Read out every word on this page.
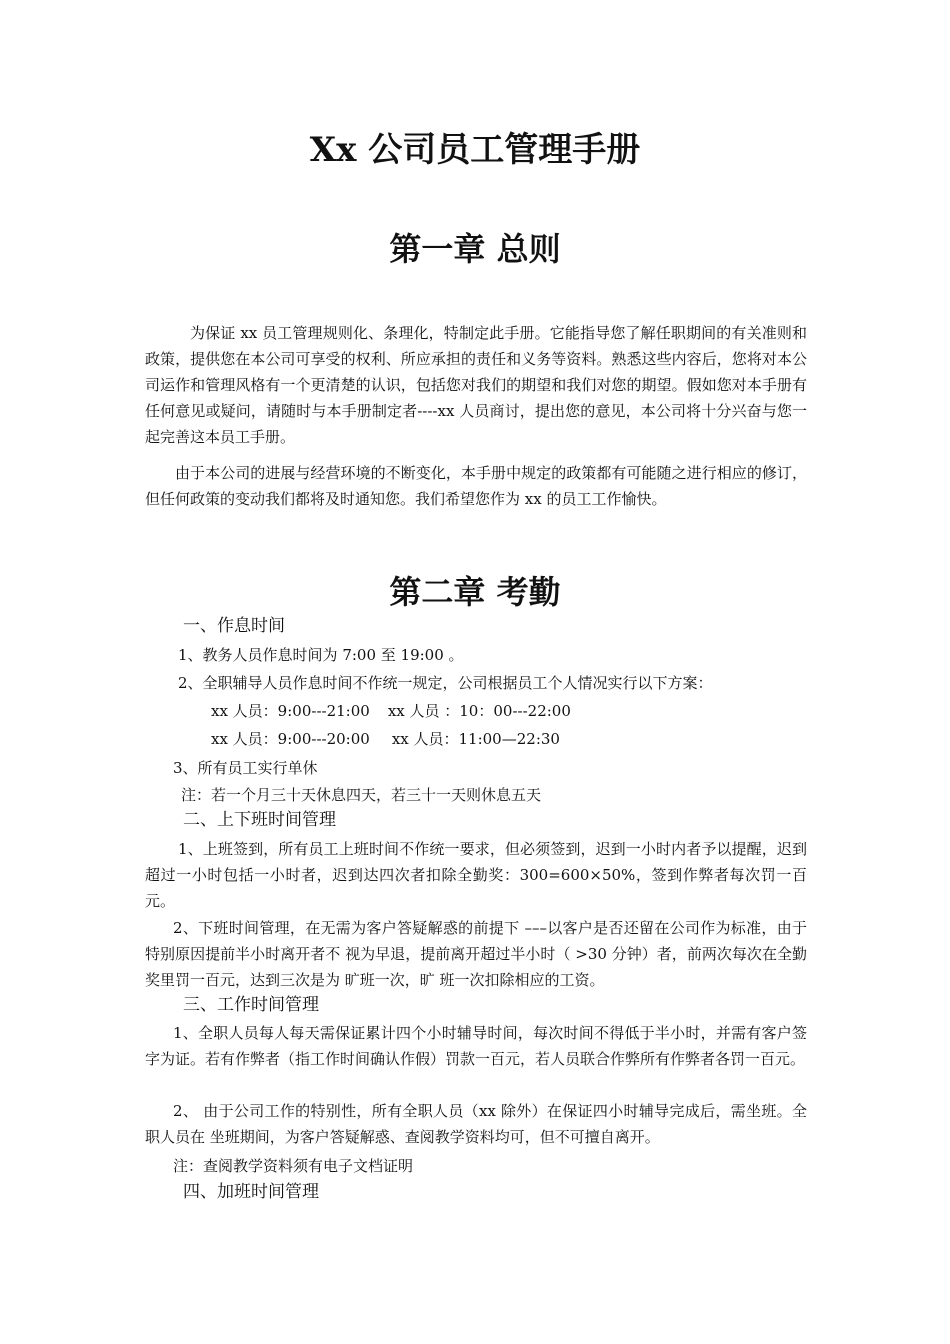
Xx 公司员工管理手册
第一章 总则

为保证 xx 员工管理规则化、条理化，特制定此手册。它能指导您了解任职期间的有关准则和政策，提供您在本公司可享受的权利、所应承担的责任和义务等资料。熟悉这些内容后，您将对本公司运作和管理风格有一个更清楚的认识，包括您对我们的期望和我们对您的期望。假如您对本手册有任何意见或疑问，请随时与本手册制定者----xx 人员商讨，提出您的意见，本公司将十分兴奋与您一起完善这本员工手册。

由于本公司的进展与经营环境的不断变化，本手册中规定的政策都有可能随之进行相应的修订，但任何政策的变动我们都将及时通知您。我们希望您作为 xx 的员工工作愉快。

第二章 考勤

一、作息时间

1、教务人员作息时间为 7:00 至 19:00 。

2、全职辅导人员作息时间不作统一规定，公司根据员工个人情况实行以下方案：

xx 人员：9:00---21:00 xx 人员 ：10：00---22:00

xx 人员：9:00---20:00 xx 人员：11:00—22:30

3、所有员工实行单休

注：若一个月三十天休息四天，若三十一天则休息五天

二、上下班时间管理

1、上班签到，所有员工上班时间不作统一要求，但必须签到，迟到一小时内者予以提醒，迟到超过一小时包括一小时者，迟到达四次者扣除全勤奖：300=600×50%，签到作弊者每次罚一百元。

2、下班时间管理，在无需为客户答疑解惑的前提下 –––以客户是否还留在公司作为标准，由于特别原因提前半小时离开者不 视为早退，提前离开超过半小时（ >30 分钟）者，前两次每次在全勤奖里罚一百元，达到三次是为 旷班一次，旷 班一次扣除相应的工资。

三、工作时间管理

1、全职人员每人每天需保证累计四个小时辅导时间，每次时间不得低于半小时，并需有客户签字为证。若有作弊者（指工作时间确认作假）罚款一百元，若人员联合作弊所有作弊者各罚一百元。

2、 由于公司工作的特别性，所有全职人员（xx 除外）在保证四小时辅导完成后，需坐班。全职人员在 坐班期间，为客户答疑解惑、查阅教学资料均可，但不可擅自离开。

注：查阅教学资料须有电子文档证明

四、加班时间管理
